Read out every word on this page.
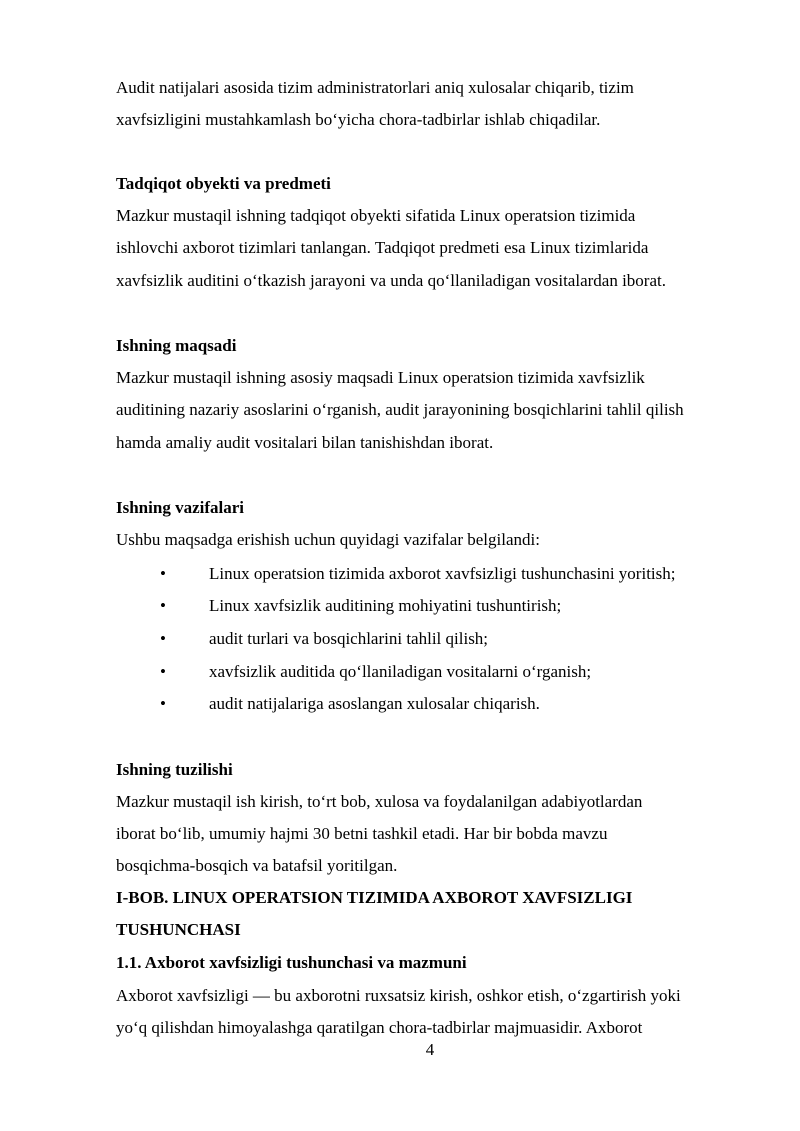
Audit natijalari asosida tizim administratorlari aniq xulosalar chiqarib, tizim

xavfsizligini mustahkamlash bo‘yicha chora-tadbirlar ishlab chiqadilar.

Tadqiqot obyekti va predmeti

Mazkur mustaqil ishning tadqiqot obyekti sifatida Linux operatsion tizimida

ishlovchi axborot tizimlari tanlangan. Tadqiqot predmeti esa Linux tizimlarida

xavfsizlik auditini o‘tkazish jarayoni va unda qo‘llaniladigan vositalardan iborat.

Ishning maqsadi

Mazkur mustaqil ishning asosiy maqsadi Linux operatsion tizimida xavfsizlik

auditining nazariy asoslarini o‘rganish, audit jarayonining bosqichlarini tahlil qilish

hamda amaliy audit vositalari bilan tanishishdan iborat.

Ishning vazifalari

Ushbu maqsadga erishish uchun quyidagi vazifalar belgilandi:

•	Linux operatsion tizimida axborot xavfsizligi tushunchasini yoritish;
•	Linux xavfsizlik auditining mohiyatini tushuntirish;
•	audit turlari va bosqichlarini tahlil qilish;
•	xavfsizlik auditida qo‘llaniladigan vositalarni o‘rganish;
•	audit natijalariga asoslangan xulosalar chiqarish.

Ishning tuzilishi

Mazkur mustaqil ish kirish, to‘rt bob, xulosa va foydalanilgan adabiyotlardan

iborat bo‘lib, umumiy hajmi 30 betni tashkil etadi. Har bir bobda mavzu

bosqichma-bosqich va batafsil yoritilgan.

I-BOB. LINUX OPERATSION TIZIMIDA AXBOROT XAVFSIZLIGI

TUSHUNCHASI

1.1. Axborot xavfsizligi tushunchasi va mazmuni

Axborot xavfsizligi — bu axborotni ruxsatsiz kirish, oshkor etish, o‘zgartirish yoki

yo‘q qilishdan himoyalashga qaratilgan chora-tadbirlar majmuasidir. Axborot

4
